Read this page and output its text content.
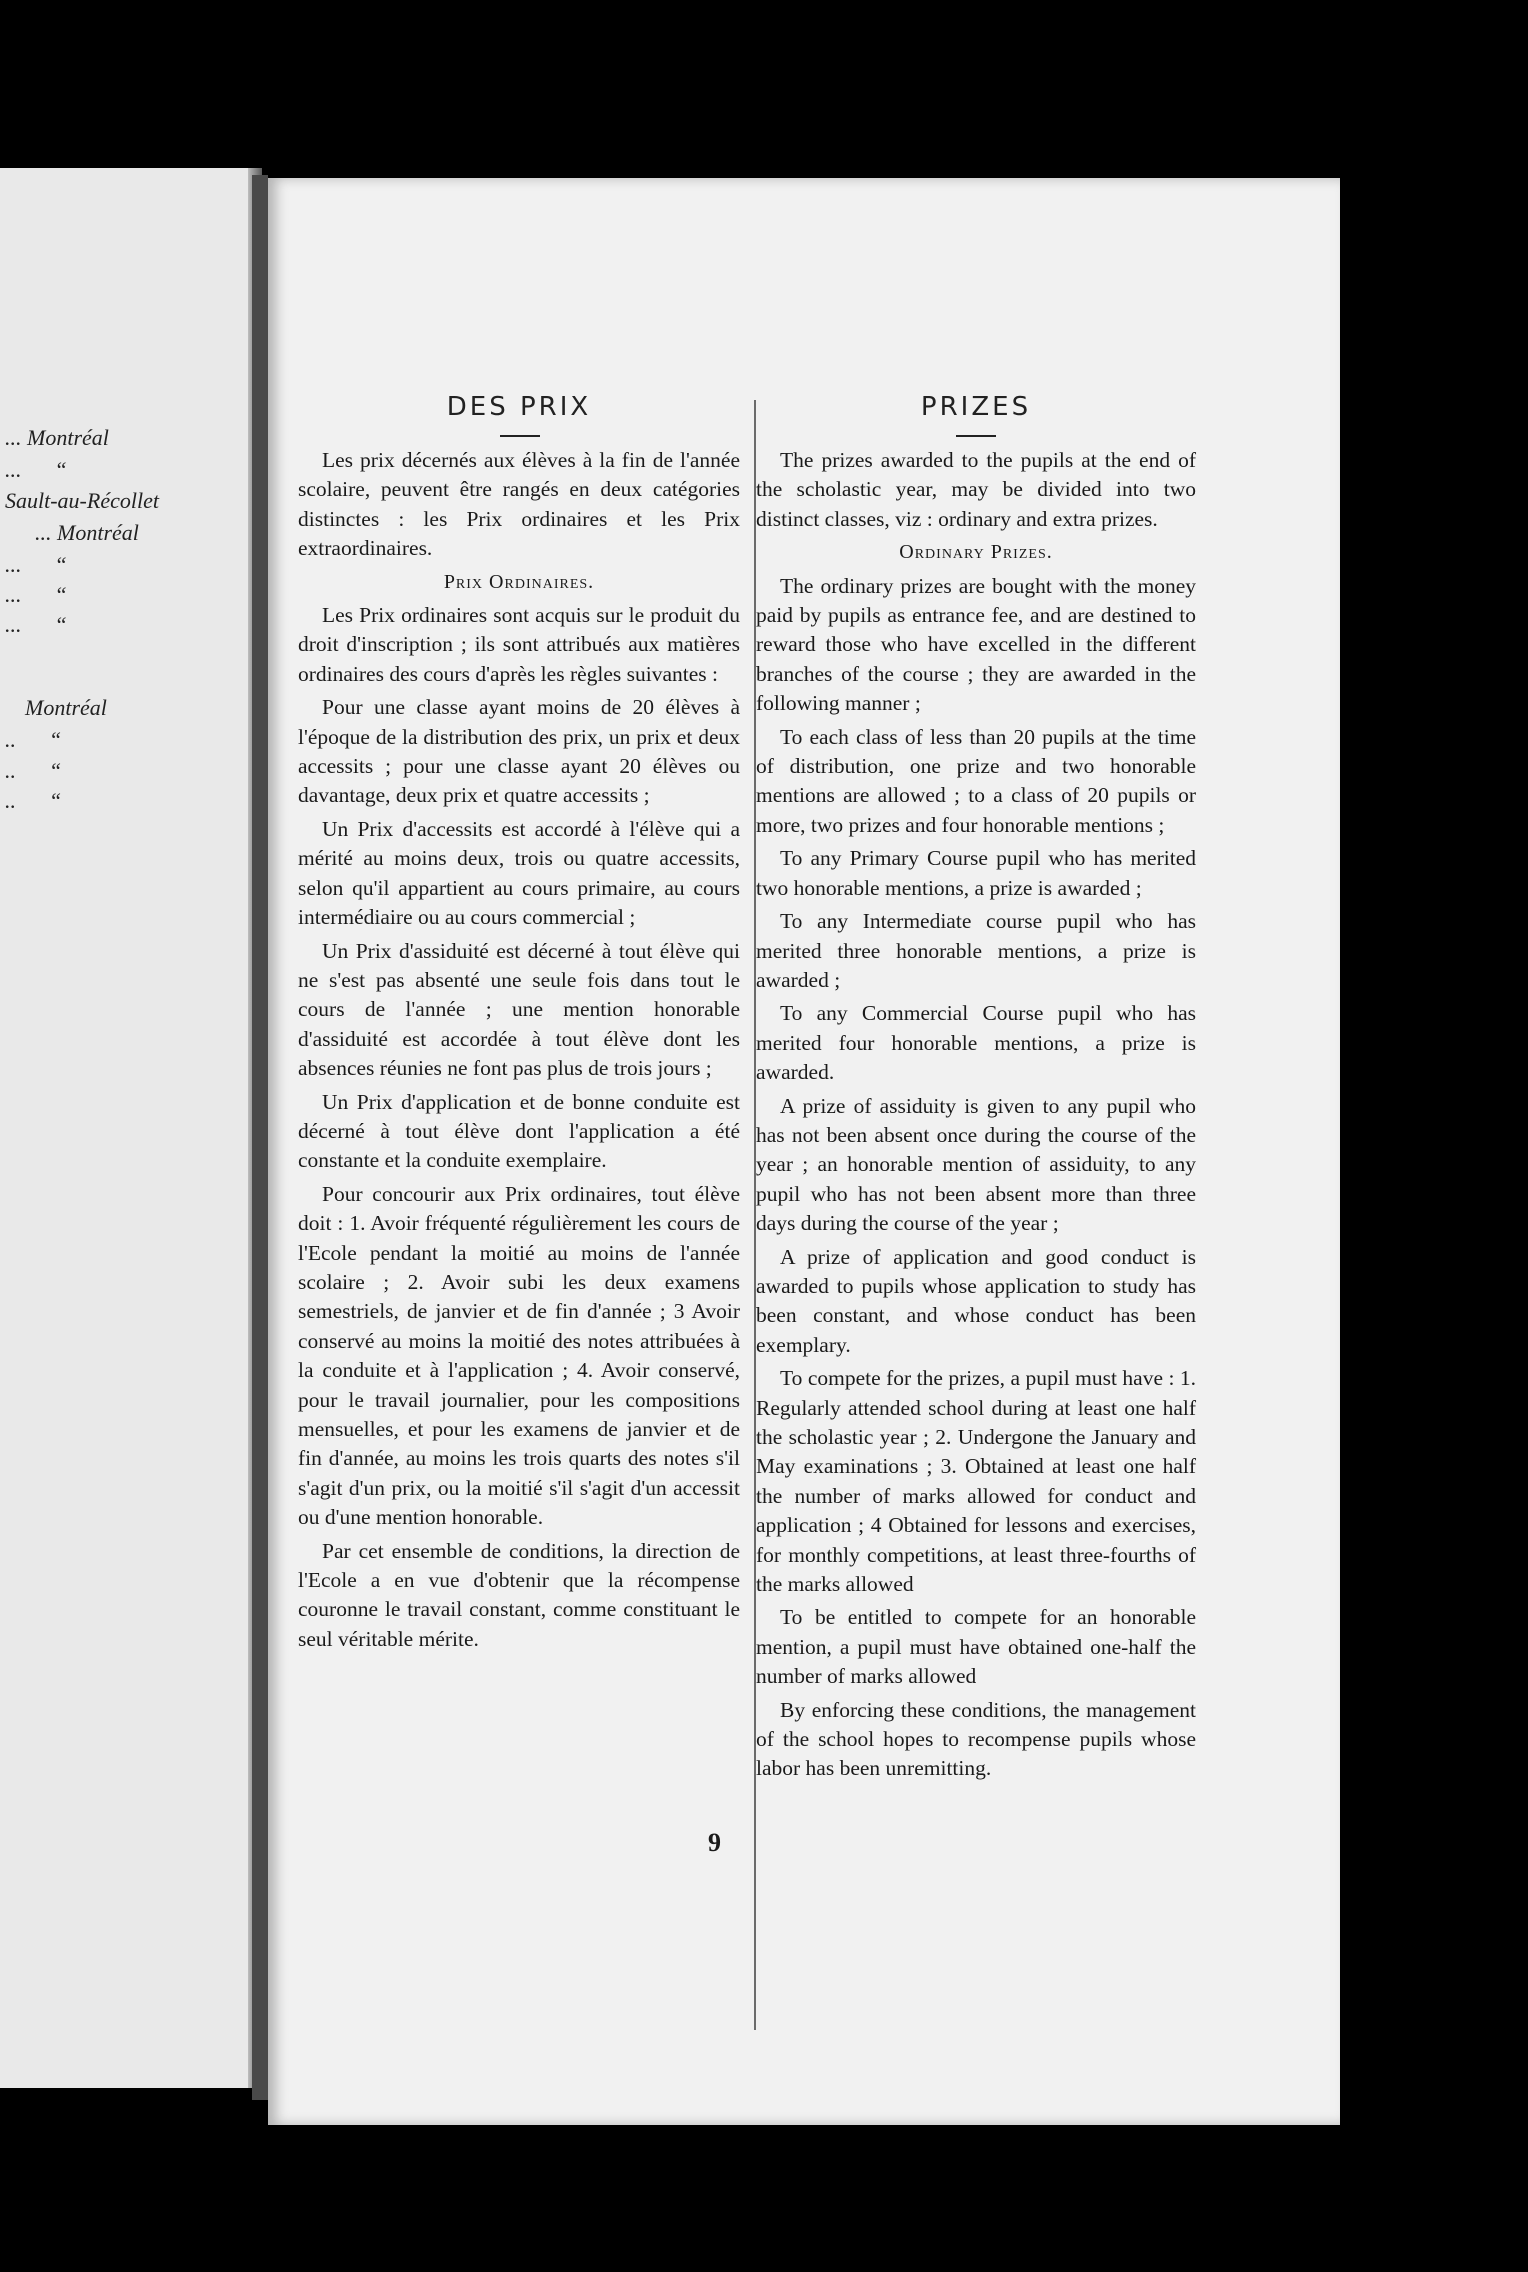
... Montréal
...      “
Sault-au-Récollet
... Montréal
...      “
...      “
...      “
Montréal
..      “
..      “
..      “
DES PRIX

Les prix décernés aux élèves à la fin de l'année scolaire, peuvent être rangés en deux catégories distinctes : les Prix ordinaires et les Prix extraordinaires.

Prix Ordinaires.

Les Prix ordinaires sont acquis sur le produit du droit d'inscription ; ils sont attribués aux matières ordinaires des cours d'après les règles suivantes :

Pour une classe ayant moins de 20 élèves à l'époque de la distribution des prix, un prix et deux accessits ; pour une classe ayant 20 élèves ou davantage, deux prix et quatre accessits ;

Un Prix d'accessits est accordé à l'élève qui a mérité au moins deux, trois ou quatre accessits, selon qu'il appartient au cours primaire, au cours intermédiaire ou au cours commercial ;

Un Prix d'assiduité est décerné à tout élève qui ne s'est pas absenté une seule fois dans tout le cours de l'année ; une mention honorable d'assiduité est accordée à tout élève dont les absences réunies ne font pas plus de trois jours ;

Un Prix d'application et de bonne conduite est décerné à tout élève dont l'application a été constante et la conduite exemplaire.

Pour concourir aux Prix ordinaires, tout élève doit : 1. Avoir fréquenté régulièrement les cours de l'Ecole pendant la moitié au moins de l'année scolaire ; 2. Avoir subi les deux examens semestriels, de janvier et de fin d'année ; 3 Avoir conservé au moins la moitié des notes attribuées à la conduite et à l'application ; 4. Avoir conservé, pour le travail journalier, pour les compositions mensuelles, et pour les examens de janvier et de fin d'année, au moins les trois quarts des notes s'il s'agit d'un prix, ou la moitié s'il s'agit d'un accessit ou d'une mention honorable.

Par cet ensemble de conditions, la direction de l'Ecole a en vue d'obtenir que la récompense couronne le travail constant, comme constituant le seul véritable mérite.

PRIZES

The prizes awarded to the pupils at the end of the scholastic year, may be divided into two distinct classes, viz : ordinary and extra prizes.

Ordinary Prizes.

The ordinary prizes are bought with the money paid by pupils as entrance fee, and are destined to reward those who have excelled in the different branches of the course ; they are awarded in the following manner ;

To each class of less than 20 pupils at the time of distribution, one prize and two honorable mentions are allowed ; to a class of 20 pupils or more, two prizes and four honorable mentions ;

To any Primary Course pupil who has merited two honorable mentions, a prize is awarded ;

To any Intermediate course pupil who has merited three honorable mentions, a prize is awarded ;

To any Commercial Course pupil who has merited four honorable mentions, a prize is awarded.

A prize of assiduity is given to any pupil who has not been absent once during the course of the year ; an honorable mention of assiduity, to any pupil who has not been absent more than three days during the course of the year ;

A prize of application and good conduct is awarded to pupils whose application to study has been constant, and whose conduct has been exemplary.

To compete for the prizes, a pupil must have : 1. Regularly attended school during at least one half the scholastic year ; 2. Undergone the January and May examinations ; 3. Obtained at least one half the number of marks allowed for conduct and application ; 4 Obtained for lessons and exercises, for monthly competitions, at least three-fourths of the marks allowed

To be entitled to compete for an honorable mention, a pupil must have obtained one-half the number of marks allowed

By enforcing these conditions, the management of the school hopes to recompense pupils whose labor has been unremitting.

9
